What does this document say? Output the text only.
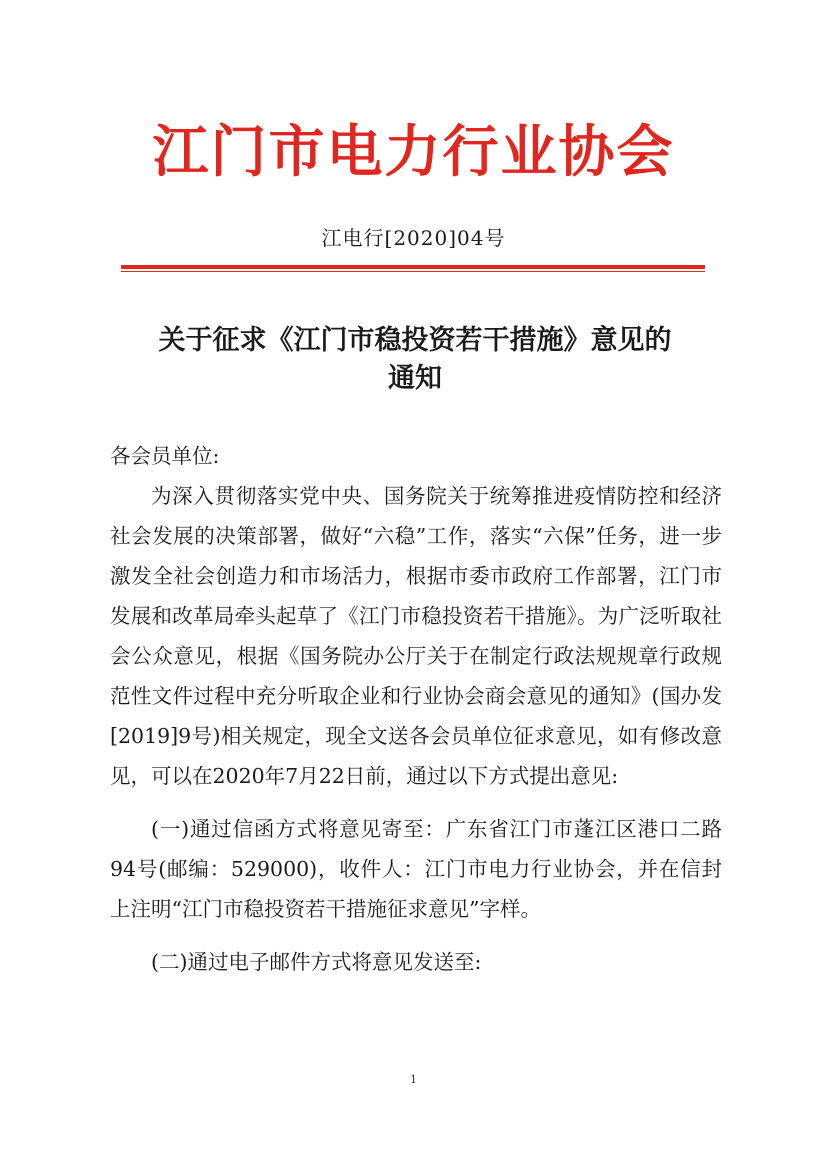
江门市电力行业协会
江电行[2020]04号
关于征求《江门市稳投资若干措施》意见的
通知

各会员单位:

为深入贯彻落实党中央、国务院关于统筹推进疫情防控和经济社会发展的决策部署，做好“六稳”工作，落实“六保”任务，进一步激发全社会创造力和市场活力，根据市委市政府工作部署，江门市发展和改革局牵头起草了《江门市稳投资若干措施》。为广泛听取社会公众意见，根据《国务院办公厅关于在制定行政法规规章行政规范性文件过程中充分听取企业和行业协会商会意见的通知》(国办发[2019]9号)相关规定，现全文送各会员单位征求意见，如有修改意见，可以在2020年7月22日前，通过以下方式提出意见:

(一)通过信函方式将意见寄至：广东省江门市蓬江区港口二路94号(邮编：529000)，收件人：江门市电力行业协会，并在信封上注明“江门市稳投资若干措施征求意见”字样。

(二)通过电子邮件方式将意见发送至:

1
